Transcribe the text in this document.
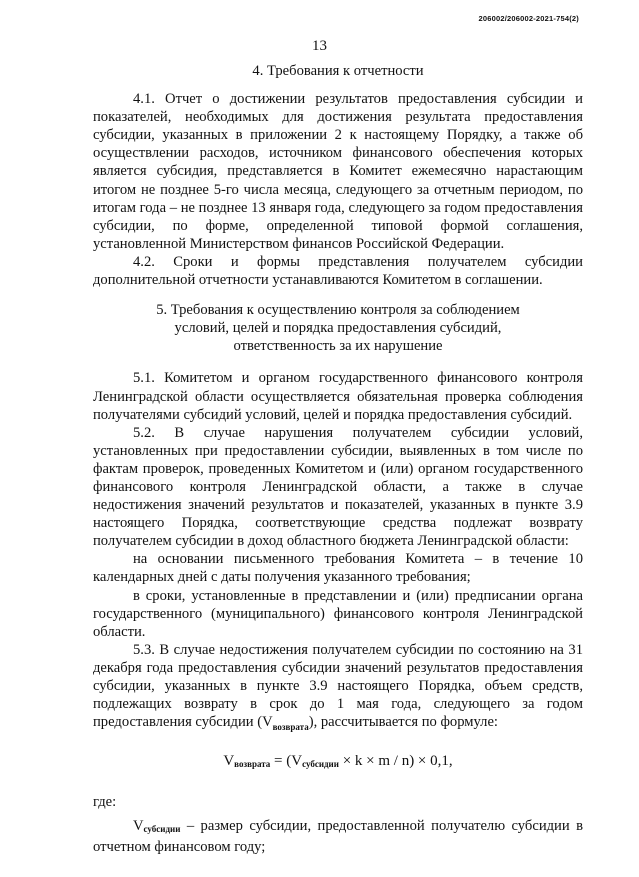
206002/206002-2021-754(2)
13

4. Требования к отчетности

4.1. Отчет о достижении результатов предоставления субсидии и показателей, необходимых для достижения результата предоставления субсидии, указанных в приложении 2 к настоящему Порядку, а также об осуществлении расходов, источником финансового обеспечения которых является субсидия, представляется в Комитет ежемесячно нарастающим итогом не позднее 5-го числа месяца, следующего за отчетным периодом, по итогам года – не позднее 13 января года, следующего за годом предоставления субсидии, по форме, определенной типовой формой соглашения, установленной Министерством финансов Российской Федерации.

4.2. Сроки и формы представления получателем субсидии дополнительной отчетности устанавливаются Комитетом в соглашении.

5. Требования к осуществлению контроля за соблюдением
условий, целей и порядка предоставления субсидий,
ответственность за их нарушение

5.1. Комитетом и органом государственного финансового контроля Ленинградской области осуществляется обязательная проверка соблюдения получателями субсидий условий, целей и порядка предоставления субсидий.

5.2. В случае нарушения получателем субсидии условий, установленных при предоставлении субсидии, выявленных в том числе по фактам проверок, проведенных Комитетом и (или) органом государственного финансового контроля Ленинградской области, а также в случае недостижения значений результатов и показателей, указанных в пункте 3.9 настоящего Порядка, соответствующие средства подлежат возврату получателем субсидии в доход областного бюджета Ленинградской области:

на основании письменного требования Комитета – в течение 10 календарных дней с даты получения указанного требования;

в сроки, установленные в представлении и (или) предписании органа государственного (муниципального) финансового контроля Ленинградской области.

5.3. В случае недостижения получателем субсидии по состоянию на 31 декабря года предоставления субсидии значений результатов предоставления субсидии, указанных в пункте 3.9 настоящего Порядка, объем средств, подлежащих возврату в срок до 1 мая года, следующего за годом предоставления субсидии $(V_{возврата})$, рассчитывается по формуле:

$V_{возврата} = (V_{субсидии} \times k \times m / n) \times 0,1$,

где:

$V_{субсидии}$ – размер субсидии, предоставленной получателю субсидии в отчетном финансовом году;
